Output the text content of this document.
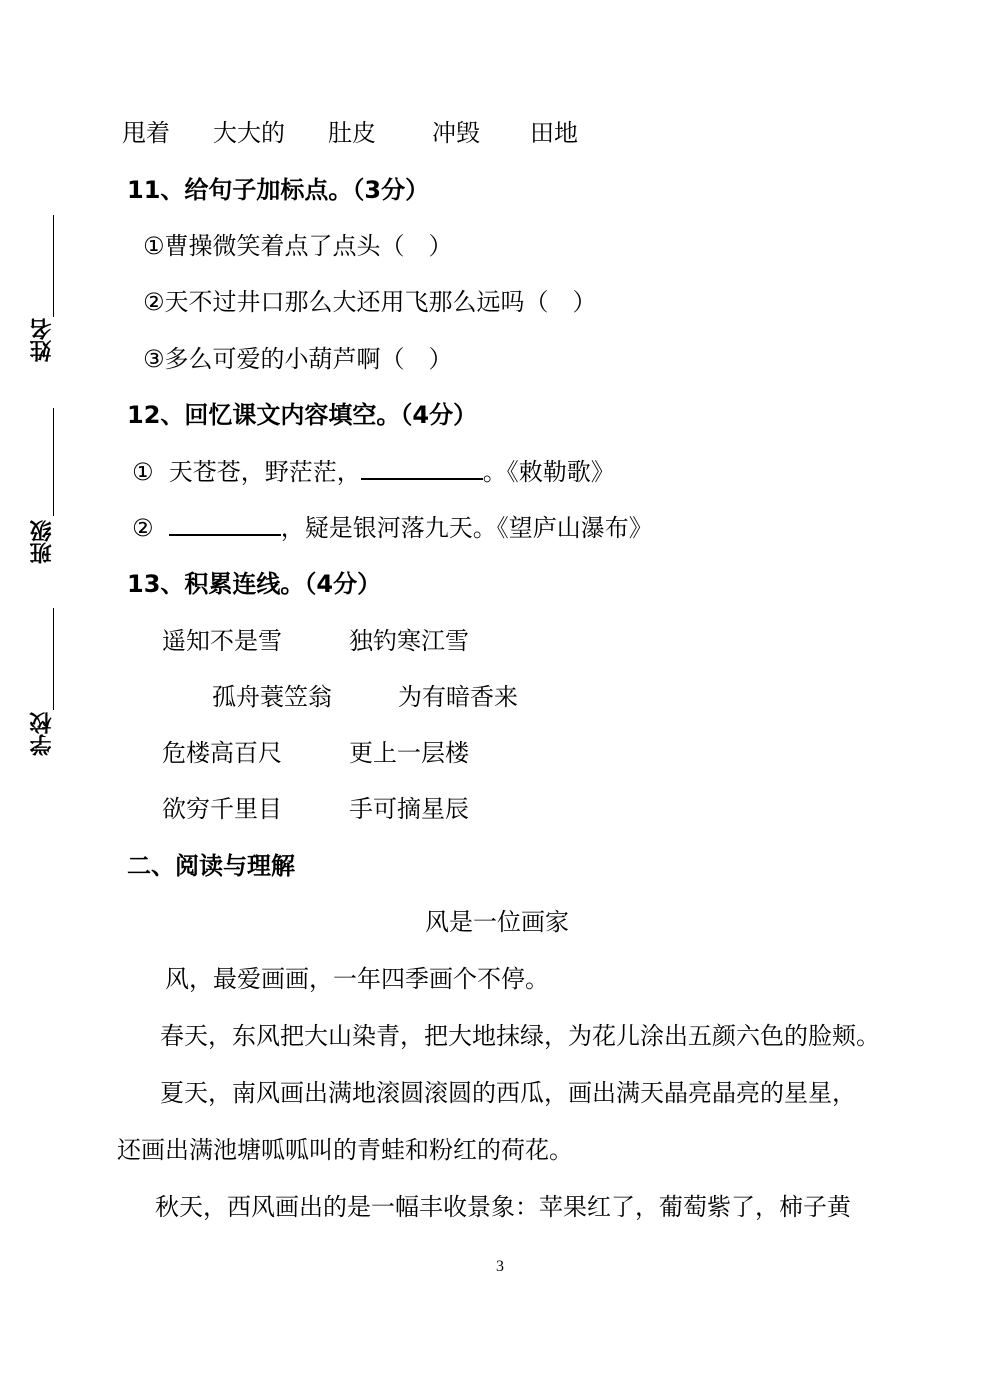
姓名
班级
学校
甩着 大大的 肚皮 冲毁 田地
11、给句子加标点。（3分）
①曹操微笑着点了点头（　）
②天不过井口那么大还用飞那么远吗（　）
③多么可爱的小葫芦啊（　）
12、回忆课文内容填空。（4分）
①  天苍苍，野茫茫，	。《敕勒歌》
②	，疑是银河落九天。《望庐山瀑布》
13、积累连线。（4分）
遥知不是雪	独钓寒江雪
孤舟蓑笠翁	为有暗香来
危楼高百尺	更上一层楼
欲穷千里目	手可摘星辰
二、阅读与理解
风是一位画家
风，最爱画画，一年四季画个不停。
春天，东风把大山染青，把大地抹绿，为花儿涂出五颜六色的脸颊。
夏天，南风画出满地滚圆滚圆的西瓜，画出满天晶亮晶亮的星星，
还画出满池塘呱呱叫的青蛙和粉红的荷花。
秋天，西风画出的是一幅丰收景象：苹果红了，葡萄紫了，柿子黄
3
